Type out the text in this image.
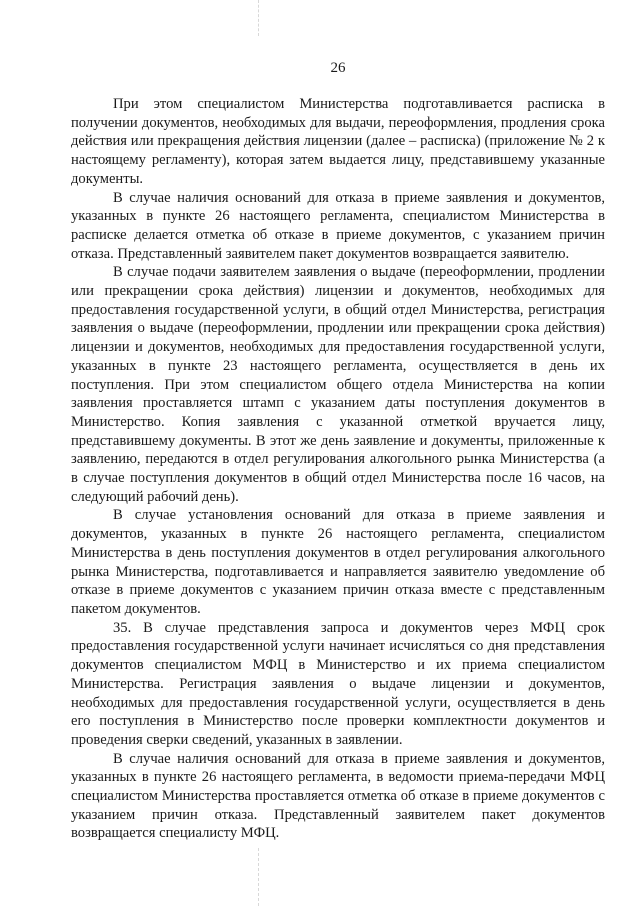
26

При этом специалистом Министерства подготавливается расписка в получении документов, необходимых для выдачи, переоформления, продления срока действия или прекращения действия лицензии (далее – расписка) (приложение № 2 к настоящему регламенту), которая затем выдается лицу, представившему указанные документы.

В случае наличия оснований для отказа в приеме заявления и документов, указанных в пункте 26 настоящего регламента, специалистом Министерства в расписке делается отметка об отказе в приеме документов, с указанием причин отказа. Представленный заявителем пакет документов возвращается заявителю.

В случае подачи заявителем заявления о выдаче (переоформлении, продлении или прекращении срока действия) лицензии и документов, необходимых для предоставления государственной услуги, в общий отдел Министерства, регистрация заявления о выдаче (переоформлении, продлении или прекращении срока действия) лицензии и документов, необходимых для предоставления государственной услуги, указанных в пункте 23 настоящего регламента, осуществляется в день их поступления. При этом специалистом общего отдела Министерства на копии заявления проставляется штамп с указанием даты поступления документов в Министерство. Копия заявления с указанной отметкой вручается лицу, представившему документы. В этот же день заявление и документы, приложенные к заявлению, передаются в отдел регулирования алкогольного рынка Министерства (а в случае поступления документов в общий отдел Министерства после 16 часов, на следующий рабочий день).

В случае установления оснований для отказа в приеме заявления и документов, указанных в пункте 26 настоящего регламента, специалистом Министерства в день поступления документов в отдел регулирования алкогольного рынка Министерства, подготавливается и направляется заявителю уведомление об отказе в приеме документов с указанием причин отказа вместе с представленным пакетом документов.

35. В случае представления запроса и документов через МФЦ срок предоставления государственной услуги начинает исчисляться со дня представления документов специалистом МФЦ в Министерство и их приема специалистом Министерства. Регистрация заявления о выдаче лицензии и документов, необходимых для предоставления государственной услуги, осуществляется в день его поступления в Министерство после проверки комплектности документов и проведения сверки сведений, указанных в заявлении.

В случае наличия оснований для отказа в приеме заявления и документов, указанных в пункте 26 настоящего регламента, в ведомости приема-передачи МФЦ специалистом Министерства проставляется отметка об отказе в приеме документов с указанием причин отказа. Представленный заявителем пакет документов возвращается специалисту МФЦ.
